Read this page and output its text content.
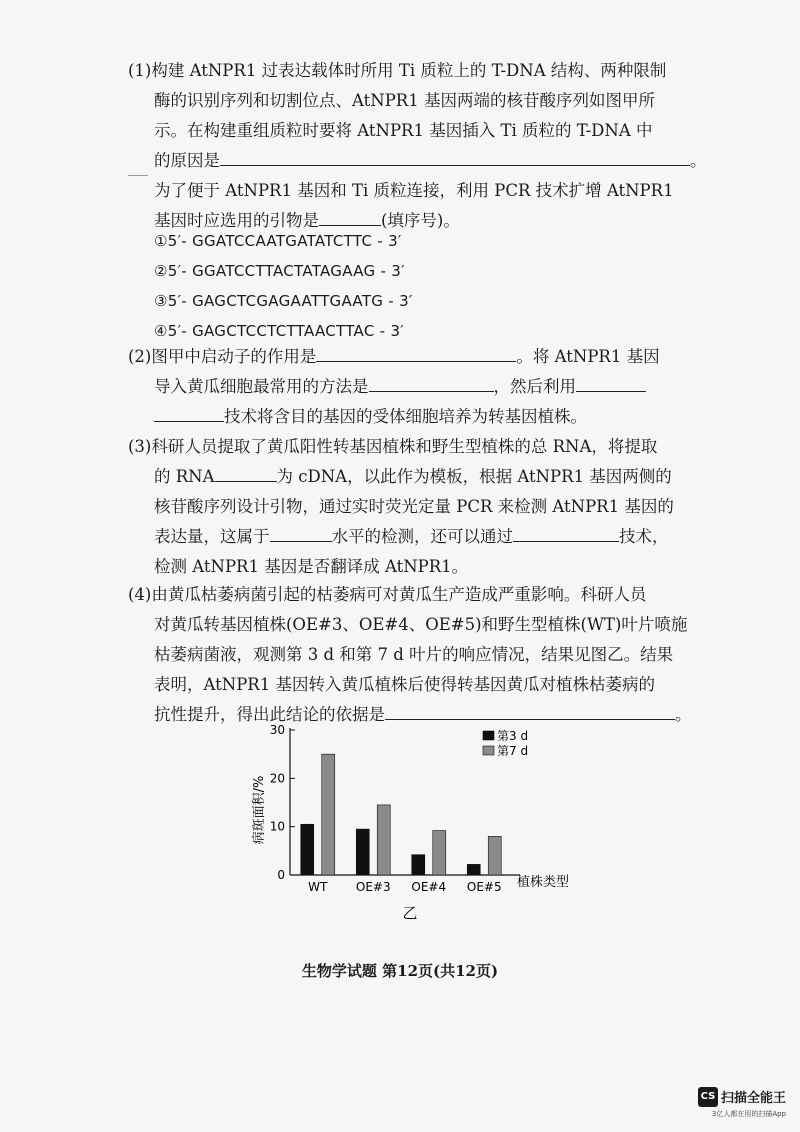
(1)构建 AtNPR1 过表达载体时所用 Ti 质粒上的 T-DNA 结构、两种限制
酶的识别序列和切割位点、AtNPR1 基因两端的核苷酸序列如图甲所
示。在构建重组质粒时要将 AtNPR1 基因插入 Ti 质粒的 T-DNA 中
的原因是	。
为了便于 AtNPR1 基因和 Ti 质粒连接，利用 PCR 技术扩增 AtNPR1
基因时应选用的引物是	(填序号)。
①5′- GGATCCAATGATATCTTC - 3′
②5′- GGATCCTTACTATAGAAG - 3′
③5′- GAGCTCGAGAATTGAATG - 3′
④5′- GAGCTCCTCTTAACTTAC - 3′
(2)图甲中启动子的作用是	。将 AtNPR1 基因
导入黄瓜细胞最常用的方法是	，然后利用
技术将含目的基因的受体细胞培养为转基因植株。
(3)科研人员提取了黄瓜阳性转基因植株和野生型植株的总 RNA，将提取
的 RNA	为 cDNA，以此作为模板，根据 AtNPR1 基因两侧的
核苷酸序列设计引物，通过实时荧光定量 PCR 来检测 AtNPR1 基因的
表达量，这属于	水平的检测，还可以通过	技术，
检测 AtNPR1 基因是否翻译成 AtNPR1。
(4)由黄瓜枯萎病菌引起的枯萎病可对黄瓜生产造成严重影响。科研人员
对黄瓜转基因植株(OE#3、OE#4、OE#5)和野生型植株(WT)叶片喷施
枯萎病菌液，观测第 3 d 和第 7 d 叶片的响应情况，结果见图乙。结果
表明，AtNPR1 基因转入黄瓜植株后使得转基因黄瓜对植株枯萎病的
抗性提升，得出此结论的依据是	。
0
10
20
30
WT OE#3 OE#4 OE#5
第3 d
第7 d
病斑面积/%
植株类型
乙
生物学试题 第12页(共12页)
CS 扫描全能王
3亿人都在用的扫描App
